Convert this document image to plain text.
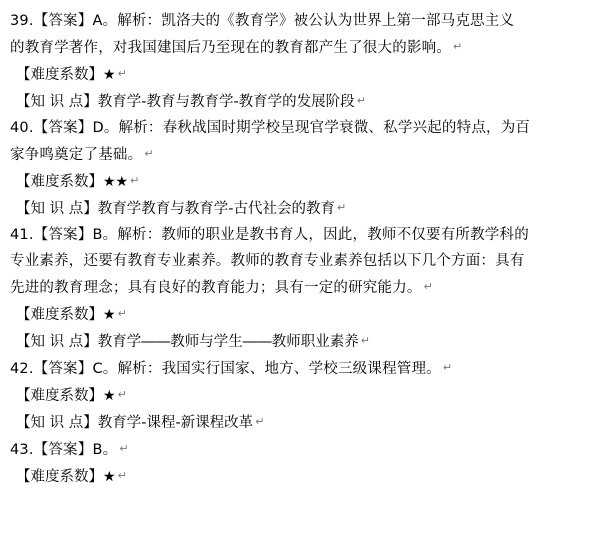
39.【答案】A。解析：凯洛夫的《教育学》被公认为世界上第一部马克思主义

的教育学著作，对我国建国后乃至现在的教育都产生了很大的影响。 ↵

【难度系数】★ ↵

【知 识 点】教育学-教育与教育学-教育学的发展阶段 ↵

40.【答案】D。解析：春秋战国时期学校呈现官学衰微、私学兴起的特点，为百

家争鸣奠定了基础。 ↵

【难度系数】★★ ↵

【知 识 点】教育学教育与教育学-古代社会的教育 ↵

41.【答案】B。解析：教师的职业是教书育人，因此，教师不仅要有所教学科的

专业素养，还要有教育专业素养。教师的教育专业素养包括以下几个方面：具有

先进的教育理念；具有良好的教育能力；具有一定的研究能力。 ↵

【难度系数】★ ↵

【知 识 点】教育学――教师与学生――教师职业素养 ↵

42.【答案】C。解析：我国实行国家、地方、学校三级课程管理。 ↵

【难度系数】★ ↵

【知 识 点】教育学-课程-新课程改革 ↵

43.【答案】B。 ↵

【难度系数】★ ↵
